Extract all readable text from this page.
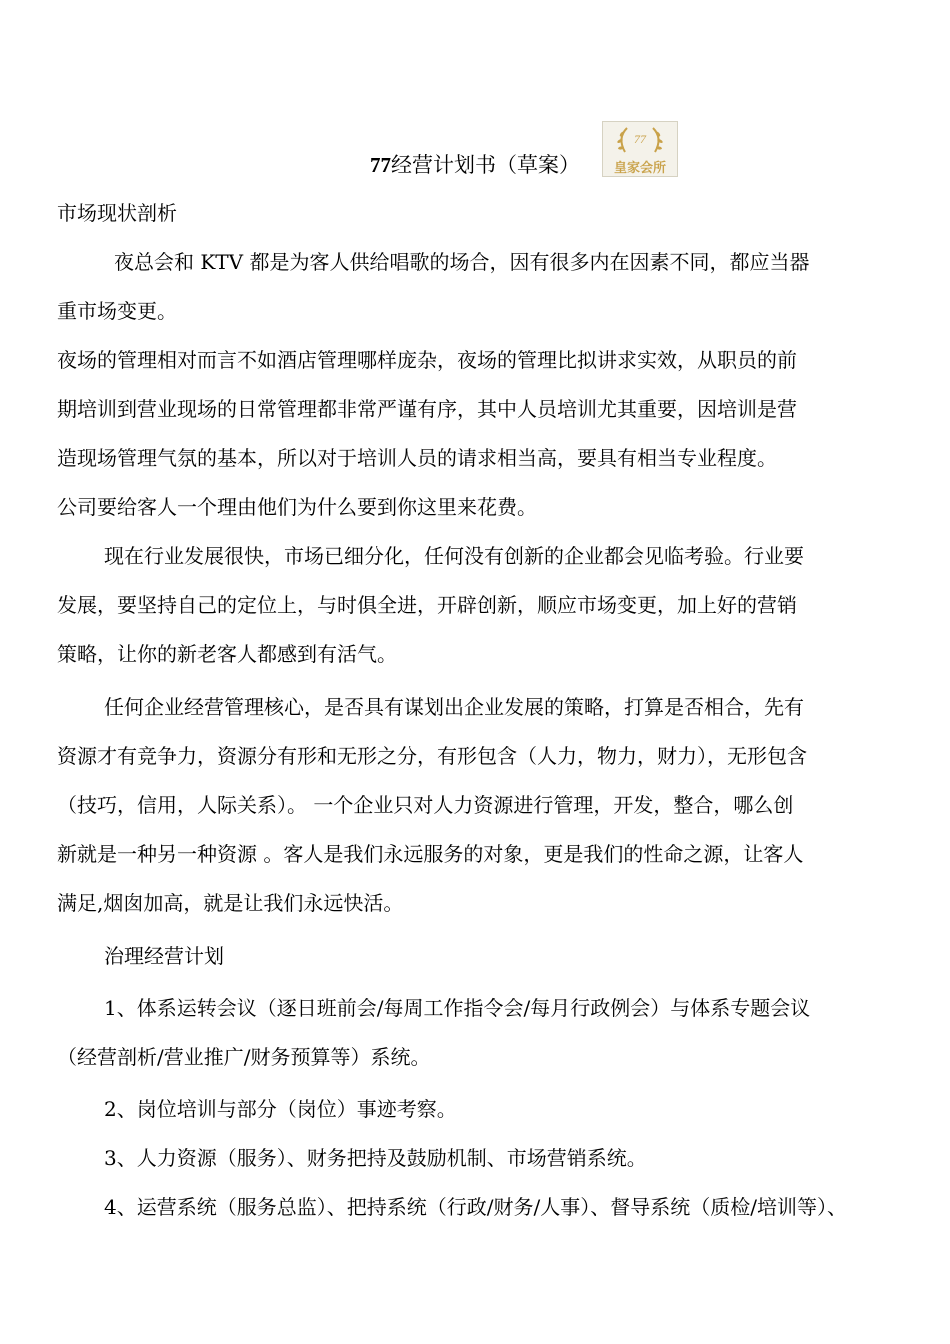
77
皇家会所
77经营计划书（草案）
市场现状剖析
夜总会和 KTV 都是为客人供给唱歌的场合，因有很多内在因素不同，都应当器
重市场变更。
夜场的管理相对而言不如酒店管理哪样庞杂，夜场的管理比拟讲求实效，从职员的前
期培训到营业现场的日常管理都非常严谨有序，其中人员培训尤其重要，因培训是营
造现场管理气氛的基本，所以对于培训人员的请求相当高，要具有相当专业程度。
公司要给客人一个理由他们为什么要到你这里来花费。
现在行业发展很快，市场已细分化，任何没有创新的企业都会见临考验。行业要
发展，要坚持自己的定位上，与时俱全进，开辟创新，顺应市场变更，加上好的营销
策略，让你的新老客人都感到有活气。
任何企业经营管理核心，是否具有谋划出企业发展的策略，打算是否相合，先有
资源才有竞争力，资源分有形和无形之分，有形包含（人力，物力，财力），无形包含
（技巧，信用，人际关系）。 一个企业只对人力资源进行管理，开发，整合，哪么创
新就是一种另一种资源 。客人是我们永远服务的对象，更是我们的性命之源，让客人
满足,烟囱加高，就是让我们永远快活。
治理经营计划
1、体系运转会议（逐日班前会/每周工作指令会/每月行政例会）与体系专题会议
（经营剖析/营业推广/财务预算等）系统。
2、岗位培训与部分（岗位）事迹考察。
3、人力资源（服务）、财务把持及鼓励机制、市场营销系统。
4、运营系统（服务总监）、把持系统（行政/财务/人事）、督导系统（质检/培训等）、
